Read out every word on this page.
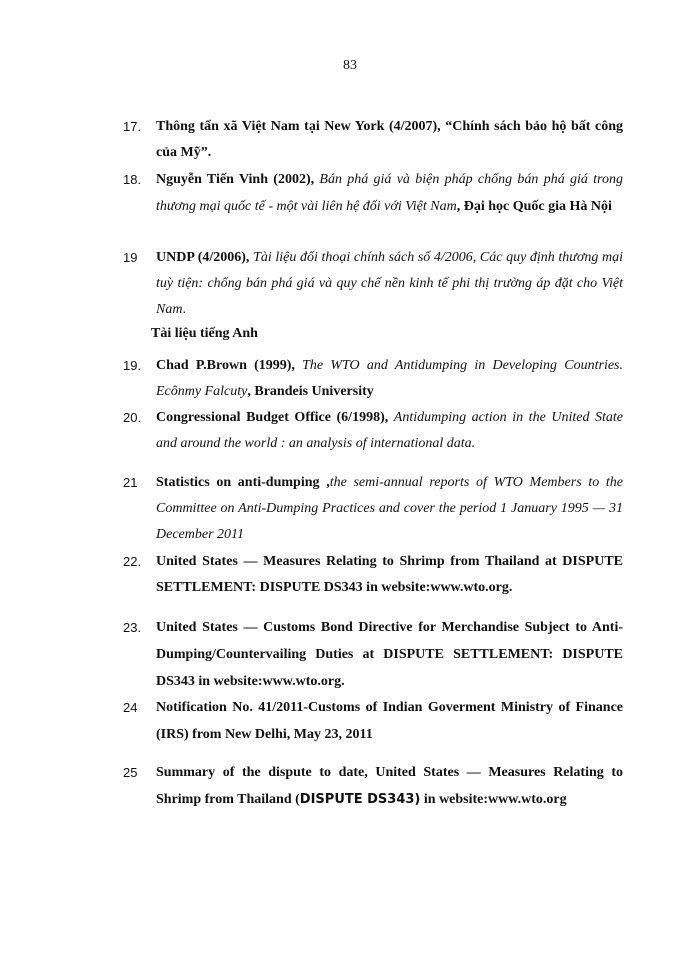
83
17.	Thông tấn xã Việt Nam tại New York (4/2007), “Chính sách bảo hộ bất công của Mỹ”.
18.	Nguyễn Tiến Vinh (2002), Bán phá giá và biện pháp chống bán phá giá trong thương mại quốc tế - một vài liên hệ đối với Việt Nam, Đại học Quốc gia Hà Nội
19	UNDP (4/2006), Tài liệu đối thoại chính sách số 4/2006, Các quy định thương mại tuỳ tiện: chống bán phá giá và quy chế nền kinh tế phi thị trường áp đặt cho Việt Nam.
Tài liệu tiếng Anh
19.	Chad P.Brown (1999), The WTO and Antidumping in Developing Countries. Ecônmy Falcuty, Brandeis University
20.	Congressional Budget Office (6/1998), Antidumping action in the United State and around the world : an analysis of international data.
21	Statistics on anti-dumping ,the semi-annual reports of WTO Members to the Committee on Anti-Dumping Practices and cover the period 1 January 1995 — 31 December 2011
22.	United States — Measures Relating to Shrimp from Thailand at DISPUTE SETTLEMENT: DISPUTE DS343 in website:www.wto.org.
23.	United States — Customs Bond Directive for Merchandise Subject to Anti-Dumping/Countervailing Duties at DISPUTE SETTLEMENT: DISPUTE DS343 in website:www.wto.org.
24	Notification No. 41/2011-Customs of Indian Goverment Ministry of Finance (IRS) from New Delhi, May 23, 2011
25	Summary of the dispute to date, United States — Measures Relating to Shrimp from Thailand (DISPUTE DS343) in website:www.wto.org
